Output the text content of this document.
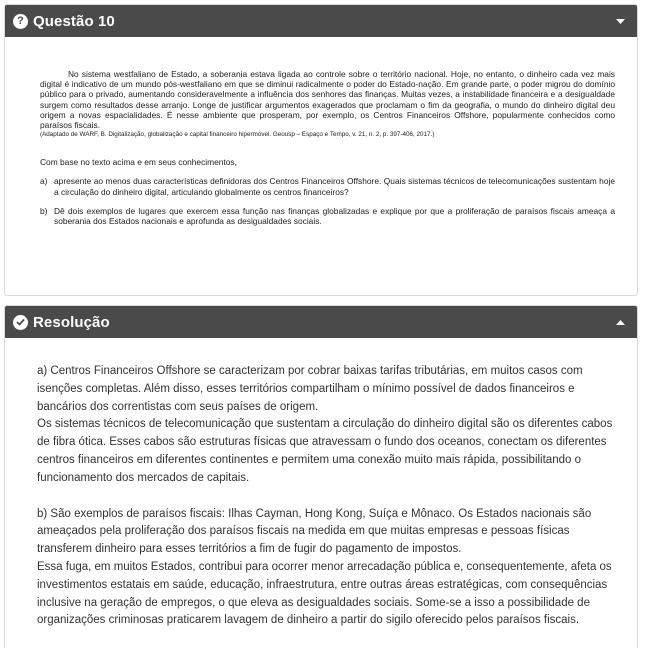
? Questão 10

No sistema westfaliano de Estado, a soberania estava ligada ao controle sobre o território nacional. Hoje, no entanto, o dinheiro cada vez mais digital é indicativo de um mundo pós-westfaliano em que se diminui radicalmente o poder do Estado-nação. Em grande parte, o poder migrou do domínio público para o privado, aumentando consideravelmente a influência dos senhores das finanças. Muitas vezes, a instabilidade financeira e a desigualdade surgem como resultados desse arranjo. Longe de justificar argumentos exagerados que proclamam o fim da geografia, o mundo do dinheiro digital deu origem a novas espacialidades. É nesse ambiente que prosperam, por exemplo, os Centros Financeiros Offshore, popularmente conhecidos como paraísos fiscais.

(Adaptado de WARF, B. Digitalização, globalização e capital financeiro hipermóvel. Geousp – Espaço e Tempo, v. 21, n. 2, p. 397-406, 2017.)

Com base no texto acima e em seus conhecimentos,

a) apresente ao menos duas características definidoras dos Centros Financeiros Offshore. Quais sistemas técnicos de telecomunicações sustentam hoje a circulação do dinheiro digital, articulando globalmente os centros financeiros?
b) Dê dois exemplos de lugares que exercem essa função nas finanças globalizadas e explique por que a proliferação de paraísos fiscais ameaça a soberania dos Estados nacionais e aprofunda as desigualdades sociais.
Resolução

a) Centros Financeiros Offshore se caracterizam por cobrar baixas tarifas tributárias, em muitos casos com isenções completas. Além disso, esses territórios compartilham o mínimo possível de dados financeiros e bancários dos correntistas com seus países de origem.

Os sistemas técnicos de telecomunicação que sustentam a circulação do dinheiro digital são os diferentes cabos de fibra ótica. Esses cabos são estruturas físicas que atravessam o fundo dos oceanos, conectam os diferentes centros financeiros em diferentes continentes e permitem uma conexão muito mais rápida, possibilitando o funcionamento dos mercados de capitais.

b) São exemplos de paraísos fiscais: Ilhas Cayman, Hong Kong, Suíça e Mônaco. Os Estados nacionais são ameaçados pela proliferação dos paraísos fiscais na medida em que muitas empresas e pessoas físicas transferem dinheiro para esses territórios a fim de fugir do pagamento de impostos.

Essa fuga, em muitos Estados, contribui para ocorrer menor arrecadação pública e, consequentemente, afeta os investimentos estatais em saúde, educação, infraestrutura, entre outras áreas estratégicas, com consequências inclusive na geração de empregos, o que eleva as desigualdades sociais. Some-se a isso a possibilidade de organizações criminosas praticarem lavagem de dinheiro a partir do sigilo oferecido pelos paraísos fiscais.
